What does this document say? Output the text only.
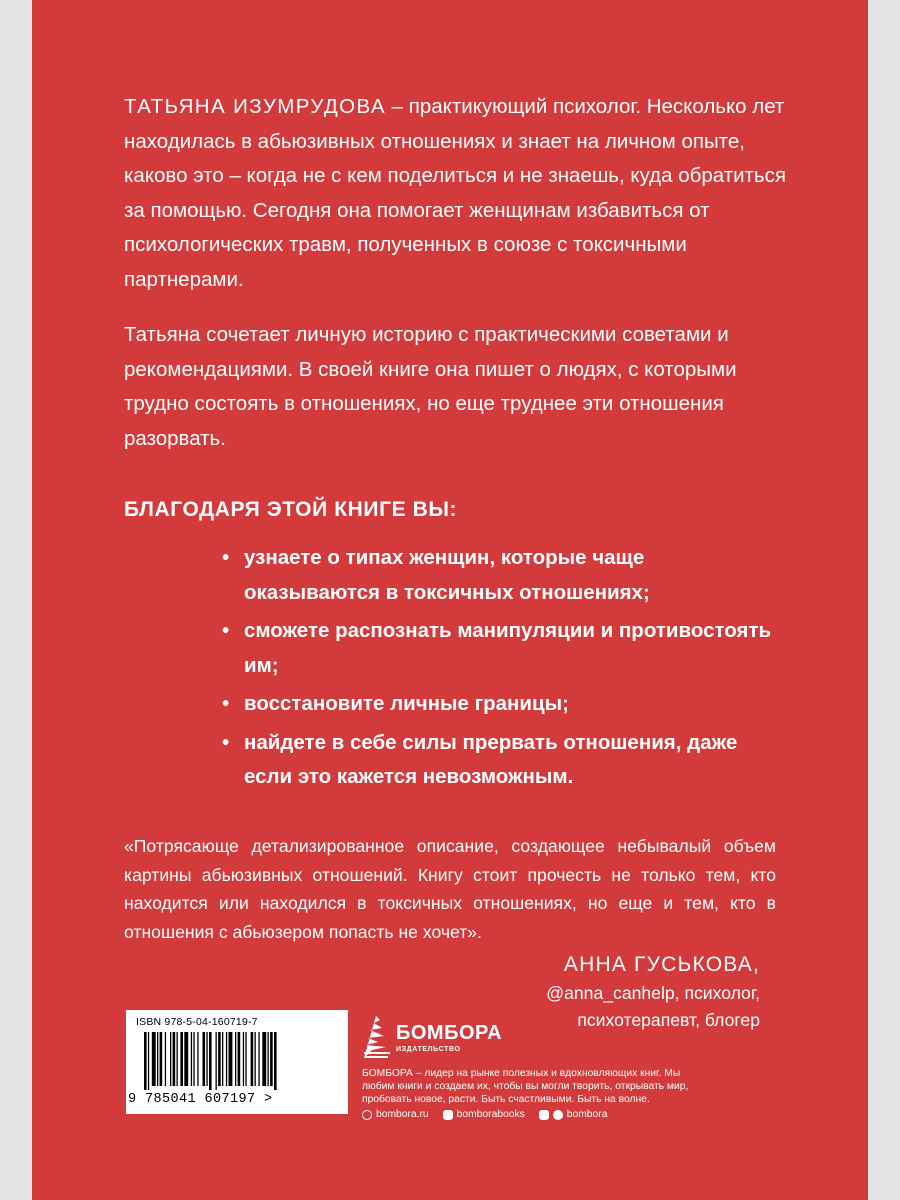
ТАТЬЯНА ИЗУМРУДОВА – практикующий психолог. Несколько лет находилась в абьюзивных отношениях и знает на личном опыте, каково это – когда не с кем поделиться и не знаешь, куда обратиться за помощью. Сегодня она помогает женщинам избавиться от психологических травм, полученных в союзе с токсичными партнерами.
Татьяна сочетает личную историю с практическими советами и рекомендациями. В своей книге она пишет о людях, с которыми трудно состоять в отношениях, но еще труднее эти отношения разорвать.
БЛАГОДАРЯ ЭТОЙ КНИГЕ ВЫ:
• узнаете о типах женщин, которые чаще оказываются в токсичных отношениях;
• сможете распознать манипуляции и противостоять им;
• восстановите личные границы;
• найдете в себе силы прервать отношения, даже если это кажется невозможным.
«Потрясающе детализированное описание, создающее небывалый объем картины абьюзивных отношений. Книгу стоит прочесть не только тем, кто находится или находился в токсичных отношениях, но еще и тем, кто в отношения с абьюзером попасть не хочет».
АННА ГУСЬКОВА,
@anna_canhelp, психолог,
психотерапевт, блогер
ISBN 978-5-04-160719-7
9 785041 607197 >
БОМБОРА
ИЗДАТЕЛЬСТВО
БОМБОРА – лидер на рынке полезных и вдохновляющих книг. Мы любим книги и создаем их, чтобы вы могли творить, открывать мир, пробовать новое, расти. Быть счастливыми. Быть на волне.
bombora.ru	bomborabooks	bombora
